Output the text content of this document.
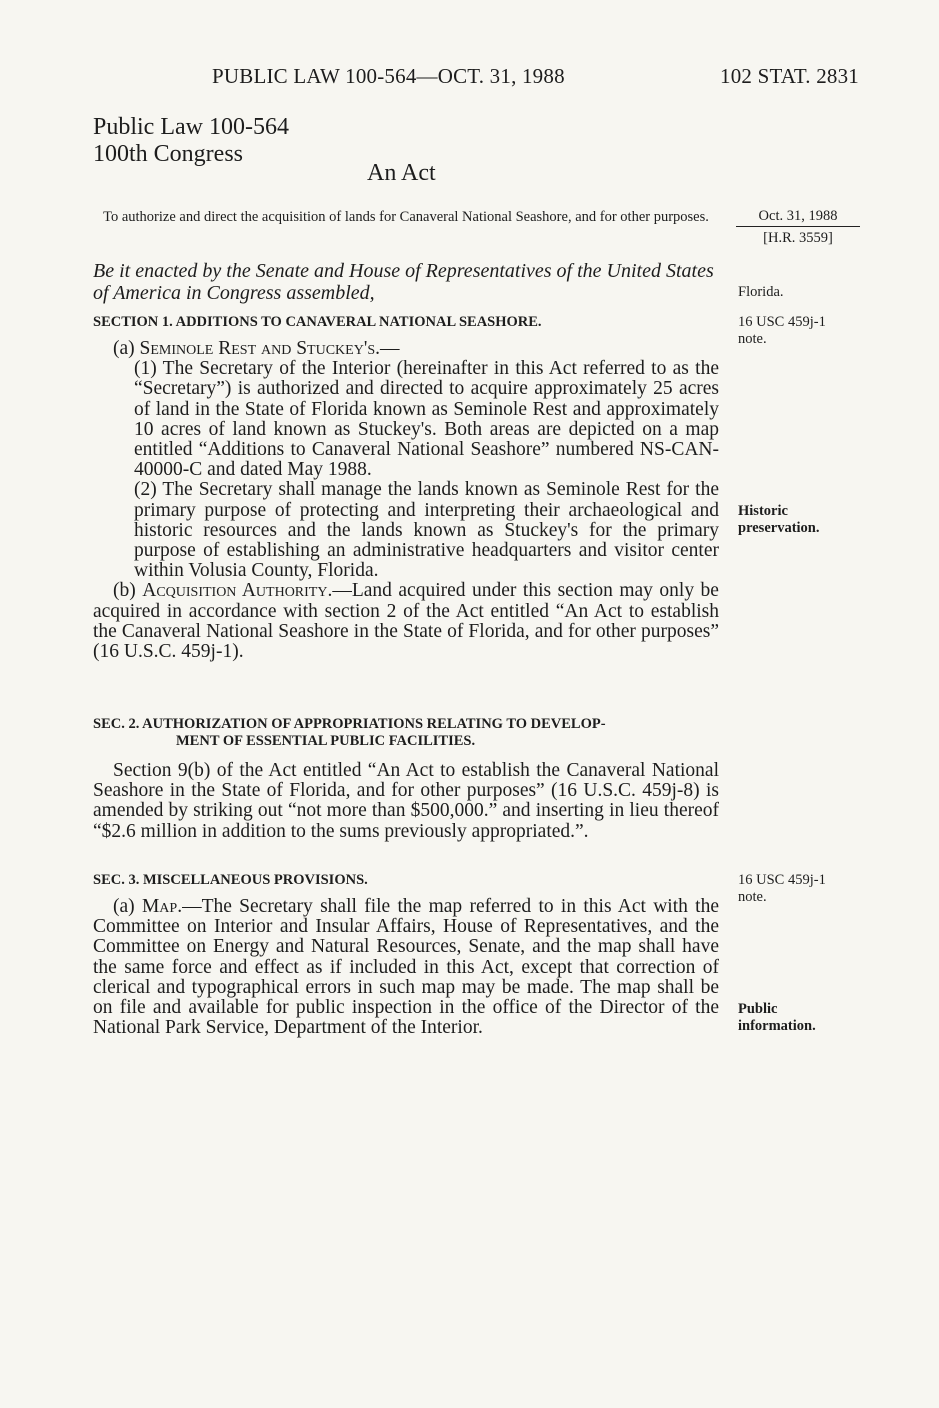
PUBLIC LAW 100-564—OCT. 31, 1988	102 STAT. 2831
Public Law 100-564
100th Congress
An Act
To authorize and direct the acquisition of lands for Canaveral National Seashore, and for other purposes.	Oct. 31, 1988
[H.R. 3559]
Be it enacted by the Senate and House of Representatives of the United States of America in Congress assembled,	Florida.
SECTION 1. ADDITIONS TO CANAVERAL NATIONAL SEASHORE.	16 USC 459j-1
note.
(a) Seminole Rest and Stuckey's.—
(1) The Secretary of the Interior (hereinafter in this Act referred to as the “Secretary”) is authorized and directed to acquire approximately 25 acres of land in the State of Florida known as Seminole Rest and approximately 10 acres of land known as Stuckey's. Both areas are depicted on a map entitled “Additions to Canaveral National Seashore” numbered NS-CAN-40000-C and dated May 1988.
(2) The Secretary shall manage the lands known as Seminole Rest for the primary purpose of protecting and interpreting their archaeological and historic resources and the lands known as Stuckey's for the primary purpose of establishing an administrative headquarters and visitor center within Volusia County, Florida.
(b) Acquisition Authority.—Land acquired under this section may only be acquired in accordance with section 2 of the Act entitled “An Act to establish the Canaveral National Seashore in the State of Florida, and for other purposes” (16 U.S.C. 459j-1).
Historic
preservation.
SEC. 2. AUTHORIZATION OF APPROPRIATIONS RELATING TO DEVELOP-
MENT OF ESSENTIAL PUBLIC FACILITIES.
Section 9(b) of the Act entitled “An Act to establish the Canaveral National Seashore in the State of Florida, and for other purposes” (16 U.S.C. 459j-8) is amended by striking out “not more than $500,000.” and inserting in lieu thereof “$2.6 million in addition to the sums previously appropriated.”.
SEC. 3. MISCELLANEOUS PROVISIONS.	16 USC 459j-1
note.
(a) Map.—The Secretary shall file the map referred to in this Act with the Committee on Interior and Insular Affairs, House of Representatives, and the Committee on Energy and Natural Resources, Senate, and the map shall have the same force and effect as if included in this Act, except that correction of clerical and typographical errors in such map may be made. The map shall be on file and available for public inspection in the office of the Director of the National Park Service, Department of the Interior.
Public
information.
